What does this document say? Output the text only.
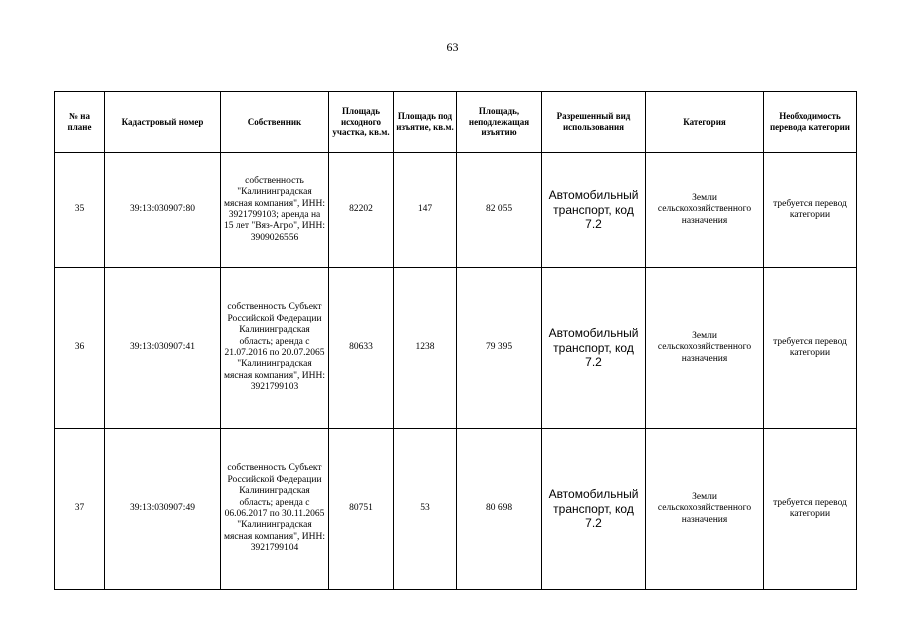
63
№ на плане	Кадастровый номер	Собственник	Площадь исходного участка, кв.м.	Площадь под изъятие, кв.м.	Площадь, неподлежащая изъятию	Разрешенный вид использования	Категория	Необходимость перевода категории
35	39:13:030907:80	собственность "Калининградская мясная компания", ИНН: 3921799103; аренда на 15 лет "Вяз-Агро", ИНН: 3909026556	82202	147	82 055	Автомобильный транспорт, код 7.2	Земли сельскохозяйственного назначения	требуется перевод категории
36	39:13:030907:41	собственность Субъект Российской Федерации Калининградская область; аренда с 21.07.2016 по 20.07.2065 "Калининградская мясная компания", ИНН: 3921799103	80633	1238	79 395	Автомобильный транспорт, код 7.2	Земли сельскохозяйственного назначения	требуется перевод категории
37	39:13:030907:49	собственность Субъект Российской Федерации Калининградская область; аренда с 06.06.2017 по 30.11.2065 "Калининградская мясная компания", ИНН: 3921799104	80751	53	80 698	Автомобильный транспорт, код 7.2	Земли сельскохозяйственного назначения	требуется перевод категории
